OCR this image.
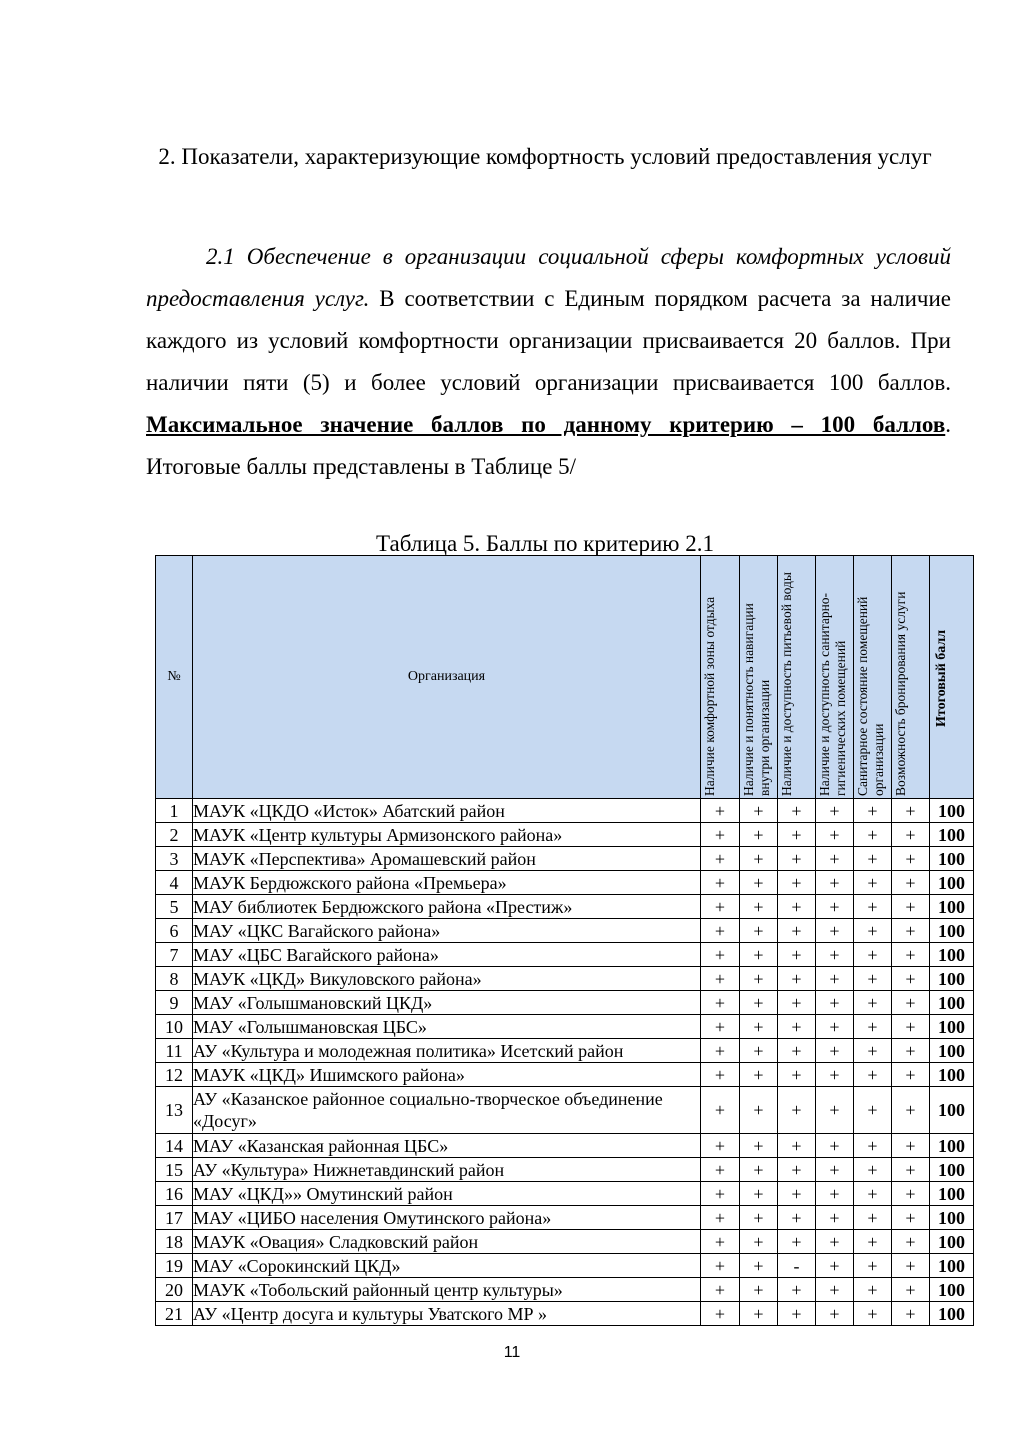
2. Показатели, характеризующие комфортность условий предоставления услуг
2.1 Обеспечение в организации социальной сферы комфортных условий предоставления услуг. В соответствии с Единым порядком расчета за наличие каждого из условий комфортности организации присваивается 20 баллов. При наличии пяти (5) и более условий организации присваивается 100 баллов. Максимальное значение баллов по данному критерию – 100 баллов. Итоговые баллы представлены в Таблице 5/
Таблица 5. Баллы по критерию 2.1
№	Организация	Наличие комфортной зоны отдыха	Наличие и понятность навигации внутри организации	Наличие и доступность питьевой воды	Наличие и доступность санитарно-гигиенических помещений	Санитарное состояние помещений организации	Возможность бронирования услуги	Итоговый балл

1	МАУК «ЦКДО «Исток» Абатский район	+	+	+	+	+	+	100
2	МАУК «Центр культуры Армизонского района»	+	+	+	+	+	+	100
3	МАУК «Перспектива» Аромашевский район	+	+	+	+	+	+	100
4	МАУК Бердюжского района «Премьера»	+	+	+	+	+	+	100
5	МАУ библиотек Бердюжского района «Престиж»	+	+	+	+	+	+	100
6	МАУ «ЦКС Вагайского района»	+	+	+	+	+	+	100
7	МАУ «ЦБС Вагайского района»	+	+	+	+	+	+	100
8	МАУК «ЦКД» Викуловского района»	+	+	+	+	+	+	100
9	МАУ «Голышмановский ЦКД»	+	+	+	+	+	+	100
10	МАУ «Голышмановская ЦБС»	+	+	+	+	+	+	100
11	АУ «Культура и молодежная политика» Исетский район	+	+	+	+	+	+	100
12	МАУК «ЦКД» Ишимского района»	+	+	+	+	+	+	100
13	АУ «Казанское районное социально-творческое объединение «Досуг»	+	+	+	+	+	+	100
14	МАУ «Казанская районная ЦБС»	+	+	+	+	+	+	100
15	АУ «Культура» Нижнетавдинский район	+	+	+	+	+	+	100
16	МАУ «ЦКД»» Омутинский район	+	+	+	+	+	+	100
17	МАУ «ЦИБО населения Омутинского района»	+	+	+	+	+	+	100
18	МАУК «Овация» Сладковский район	+	+	+	+	+	+	100
19	МАУ «Сорокинский ЦКД»	+	+	-	+	+	+	100
20	МАУК «Тобольский районный центр культуры»	+	+	+	+	+	+	100
21	АУ «Центр досуга и культуры Уватского МР »	+	+	+	+	+	+	100
11
